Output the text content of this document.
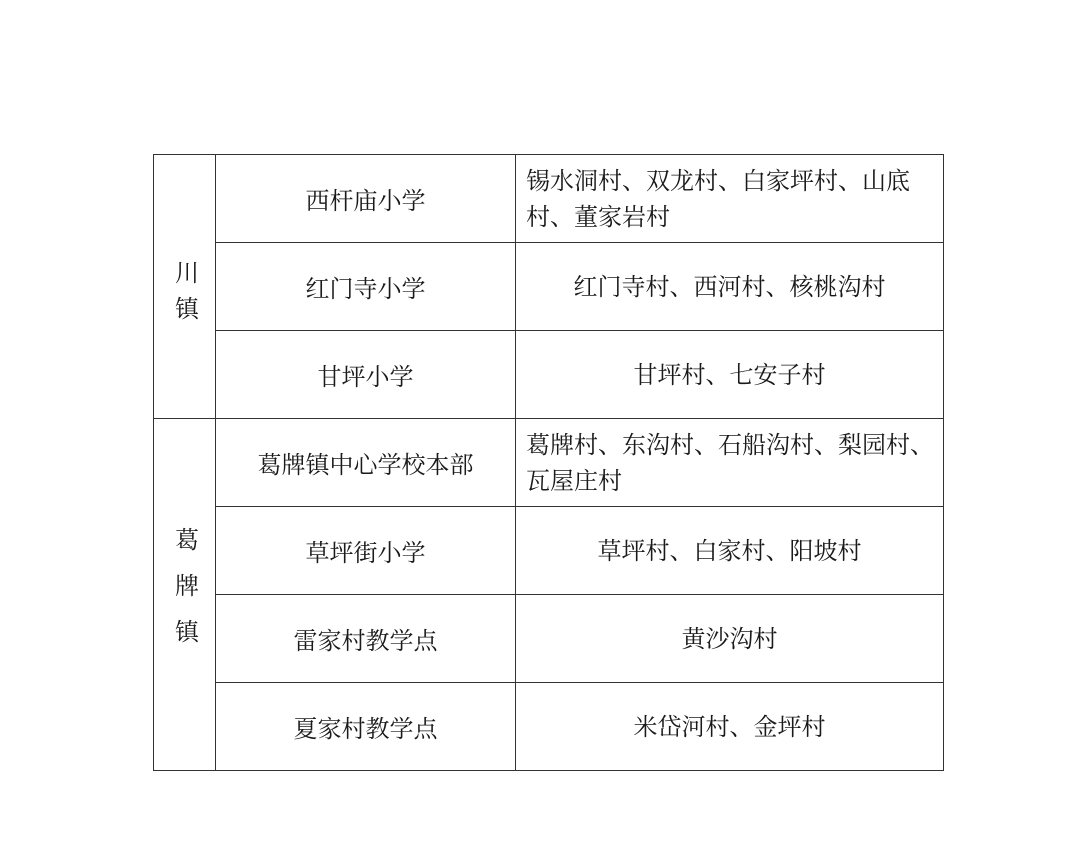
川镇	西杆庙小学	锡水洞村、双龙村、白家坪村、山底村、董家岩村
	红门寺小学	红门寺村、西河村、核桃沟村
	甘坪小学	甘坪村、七安子村

葛牌镇	葛牌镇中心学校本部	葛牌村、东沟村、石船沟村、梨园村、瓦屋庄村
	草坪街小学	草坪村、白家村、阳坡村
	雷家村教学点	黄沙沟村
	夏家村教学点	米岱河村、金坪村
